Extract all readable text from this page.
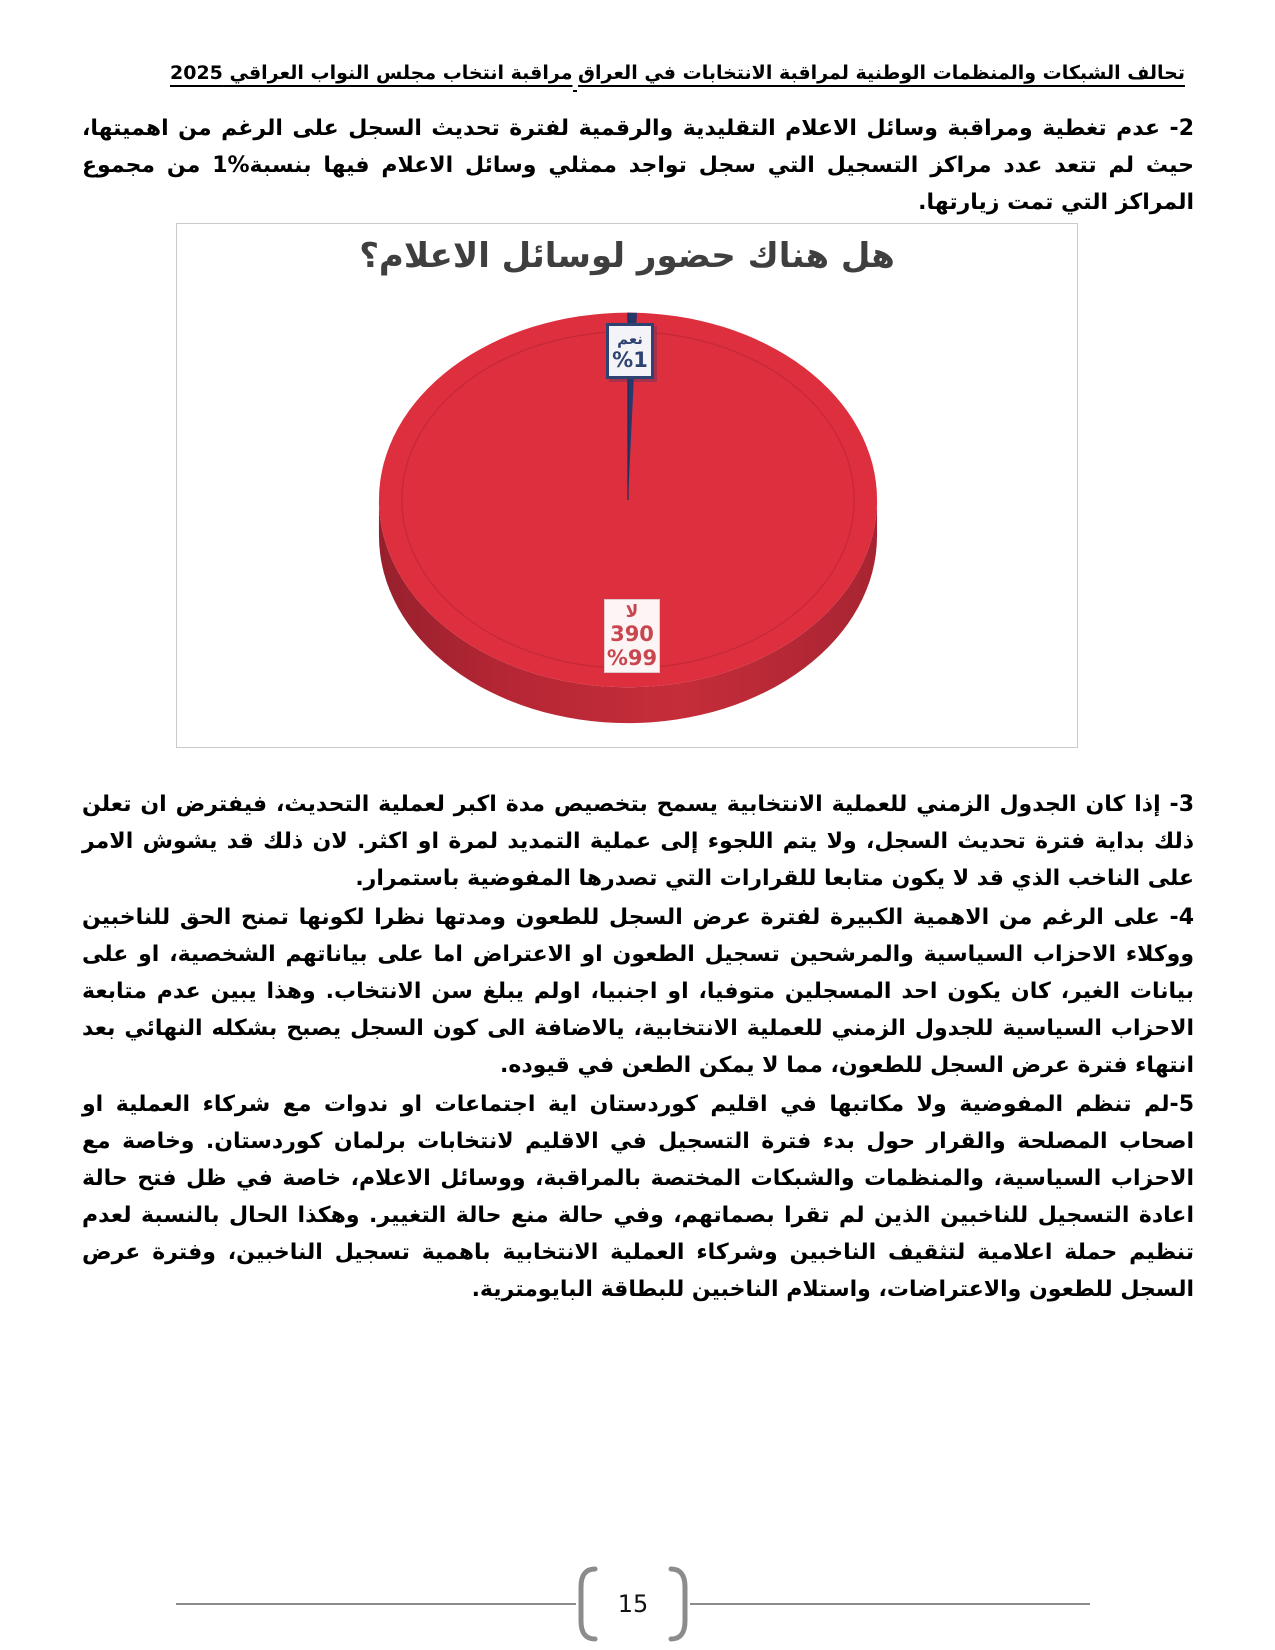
تحالف الشبكات والمنظمات الوطنية لمراقبة الانتخابات في العراق
مراقبة انتخاب مجلس النواب العراقي 2025

2- عدم تغطية ومراقبة وسائل الاعلام التقليدية والرقمية لفترة تحديث السجل على الرغم من اهميتها، حيث لم تتعد عدد مراكز التسجيل التي سجل تواجد ممثلي وسائل الاعلام فيها بنسبة%1 من مجموع المراكز التي تمت زيارتها.

هل هناك حضور لوسائل الاعلام؟
نعم
%1
لا
390
%99

3- إذا كان الجدول الزمني للعملية الانتخابية يسمح بتخصيص مدة اكبر لعملية التحديث، فيفترض ان تعلن ذلك بداية فترة تحديث السجل، ولا يتم اللجوء إلى عملية التمديد لمرة او اكثر. لان ذلك قد يشوش الامر على الناخب الذي قد لا يكون متابعا للقرارات التي تصدرها المفوضية باستمرار.

4- على الرغم من الاهمية الكبيرة لفترة عرض السجل للطعون ومدتها نظرا لكونها تمنح الحق للناخبين ووكلاء الاحزاب السياسية والمرشحين تسجيل الطعون او الاعتراض اما على بياناتهم الشخصية، او على بيانات الغير، كان يكون احد المسجلين متوفيا، او اجنبيا، اولم يبلغ سن الانتخاب. وهذا يبين عدم متابعة الاحزاب السياسية للجدول الزمني للعملية الانتخابية، يالاضافة الى كون السجل يصبح بشكله النهائي بعد انتهاء فترة عرض السجل للطعون، مما لا يمكن الطعن في قيوده.

5-لم تنظم المفوضية ولا مكاتبها في اقليم كوردستان اية اجتماعات او ندوات مع شركاء العملية او اصحاب المصلحة والقرار حول بدء فترة التسجيل في الاقليم لانتخابات برلمان كوردستان. وخاصة مع الاحزاب السياسية، والمنظمات والشبكات المختصة بالمراقبة، ووسائل الاعلام، خاصة في ظل فتح حالة اعادة التسجيل للناخبين الذين لم تقرا بصماتهم، وفي حالة منع حالة التغيير. وهكذا الحال بالنسبة لعدم تنظيم حملة اعلامية لتثقيف الناخبين وشركاء العملية الانتخابية باهمية تسجيل الناخبين، وفترة عرض السجل للطعون والاعتراضات، واستلام الناخبين للبطاقة البايومترية.

15
